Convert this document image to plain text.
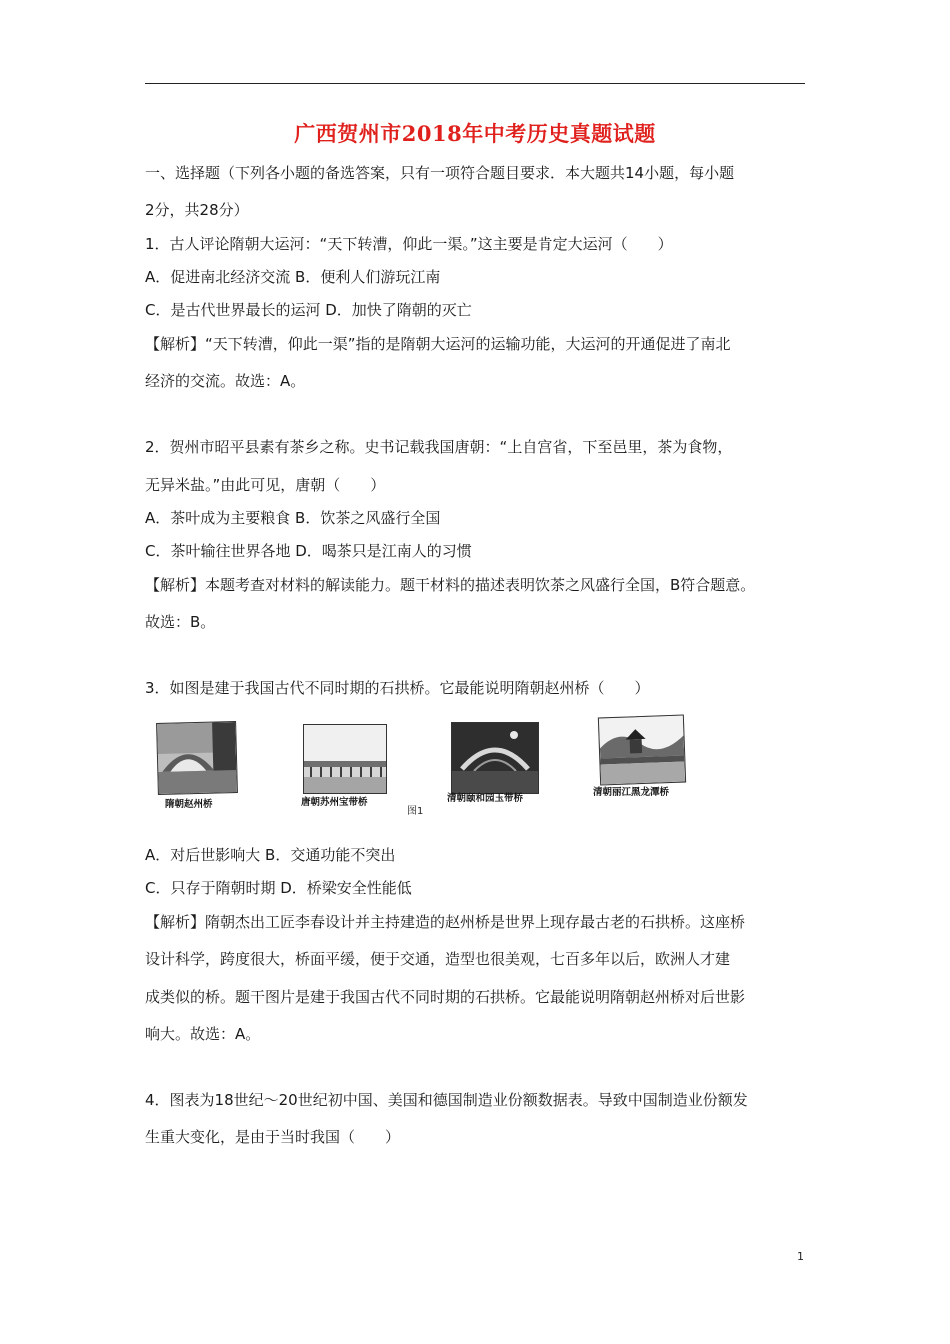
广西贺州市2018年中考历史真题试题
一、选择题（下列各小题的备选答案，只有一项符合题目要求．本大题共14小题，每小题
2分，共28分）
1．古人评论隋朝大运河：“天下转漕，仰此一渠。”这主要是肯定大运河（　　）
A．促进南北经济交流 B．便利人们游玩江南
C．是古代世界最长的运河 D．加快了隋朝的灭亡
【解析】“天下转漕，仰此一渠”指的是隋朝大运河的运输功能，大运河的开通促进了南北
经济的交流。故选：A。
2．贺州市昭平县素有茶乡之称。史书记载我国唐朝：“上自宫省，下至邑里，茶为食物，
无异米盐。”由此可见，唐朝（　　）
A．茶叶成为主要粮食 B．饮茶之风盛行全国
C．茶叶输往世界各地 D．喝茶只是江南人的习惯
【解析】本题考查对材料的解读能力。题干材料的描述表明饮茶之风盛行全国，B符合题意。
故选：B。
3．如图是建于我国古代不同时期的石拱桥。它最能说明隋朝赵州桥（　　）
隋朝赵州桥	唐朝苏州宝带桥	清朝颐和园玉带桥
清朝丽江黑龙潭桥
图1
A．对后世影响大 B．交通功能不突出
C．只存于隋朝时期 D．桥梁安全性能低
【解析】隋朝杰出工匠李春设计并主持建造的赵州桥是世界上现存最古老的石拱桥。这座桥
设计科学，跨度很大，桥面平缓，便于交通，造型也很美观，七百多年以后，欧洲人才建
成类似的桥。题干图片是建于我国古代不同时期的石拱桥。它最能说明隋朝赵州桥对后世影
响大。故选：A。
4．图表为18世纪～20世纪初中国、美国和德国制造业份额数据表。导致中国制造业份额发
生重大变化，是由于当时我国（　　）
1
